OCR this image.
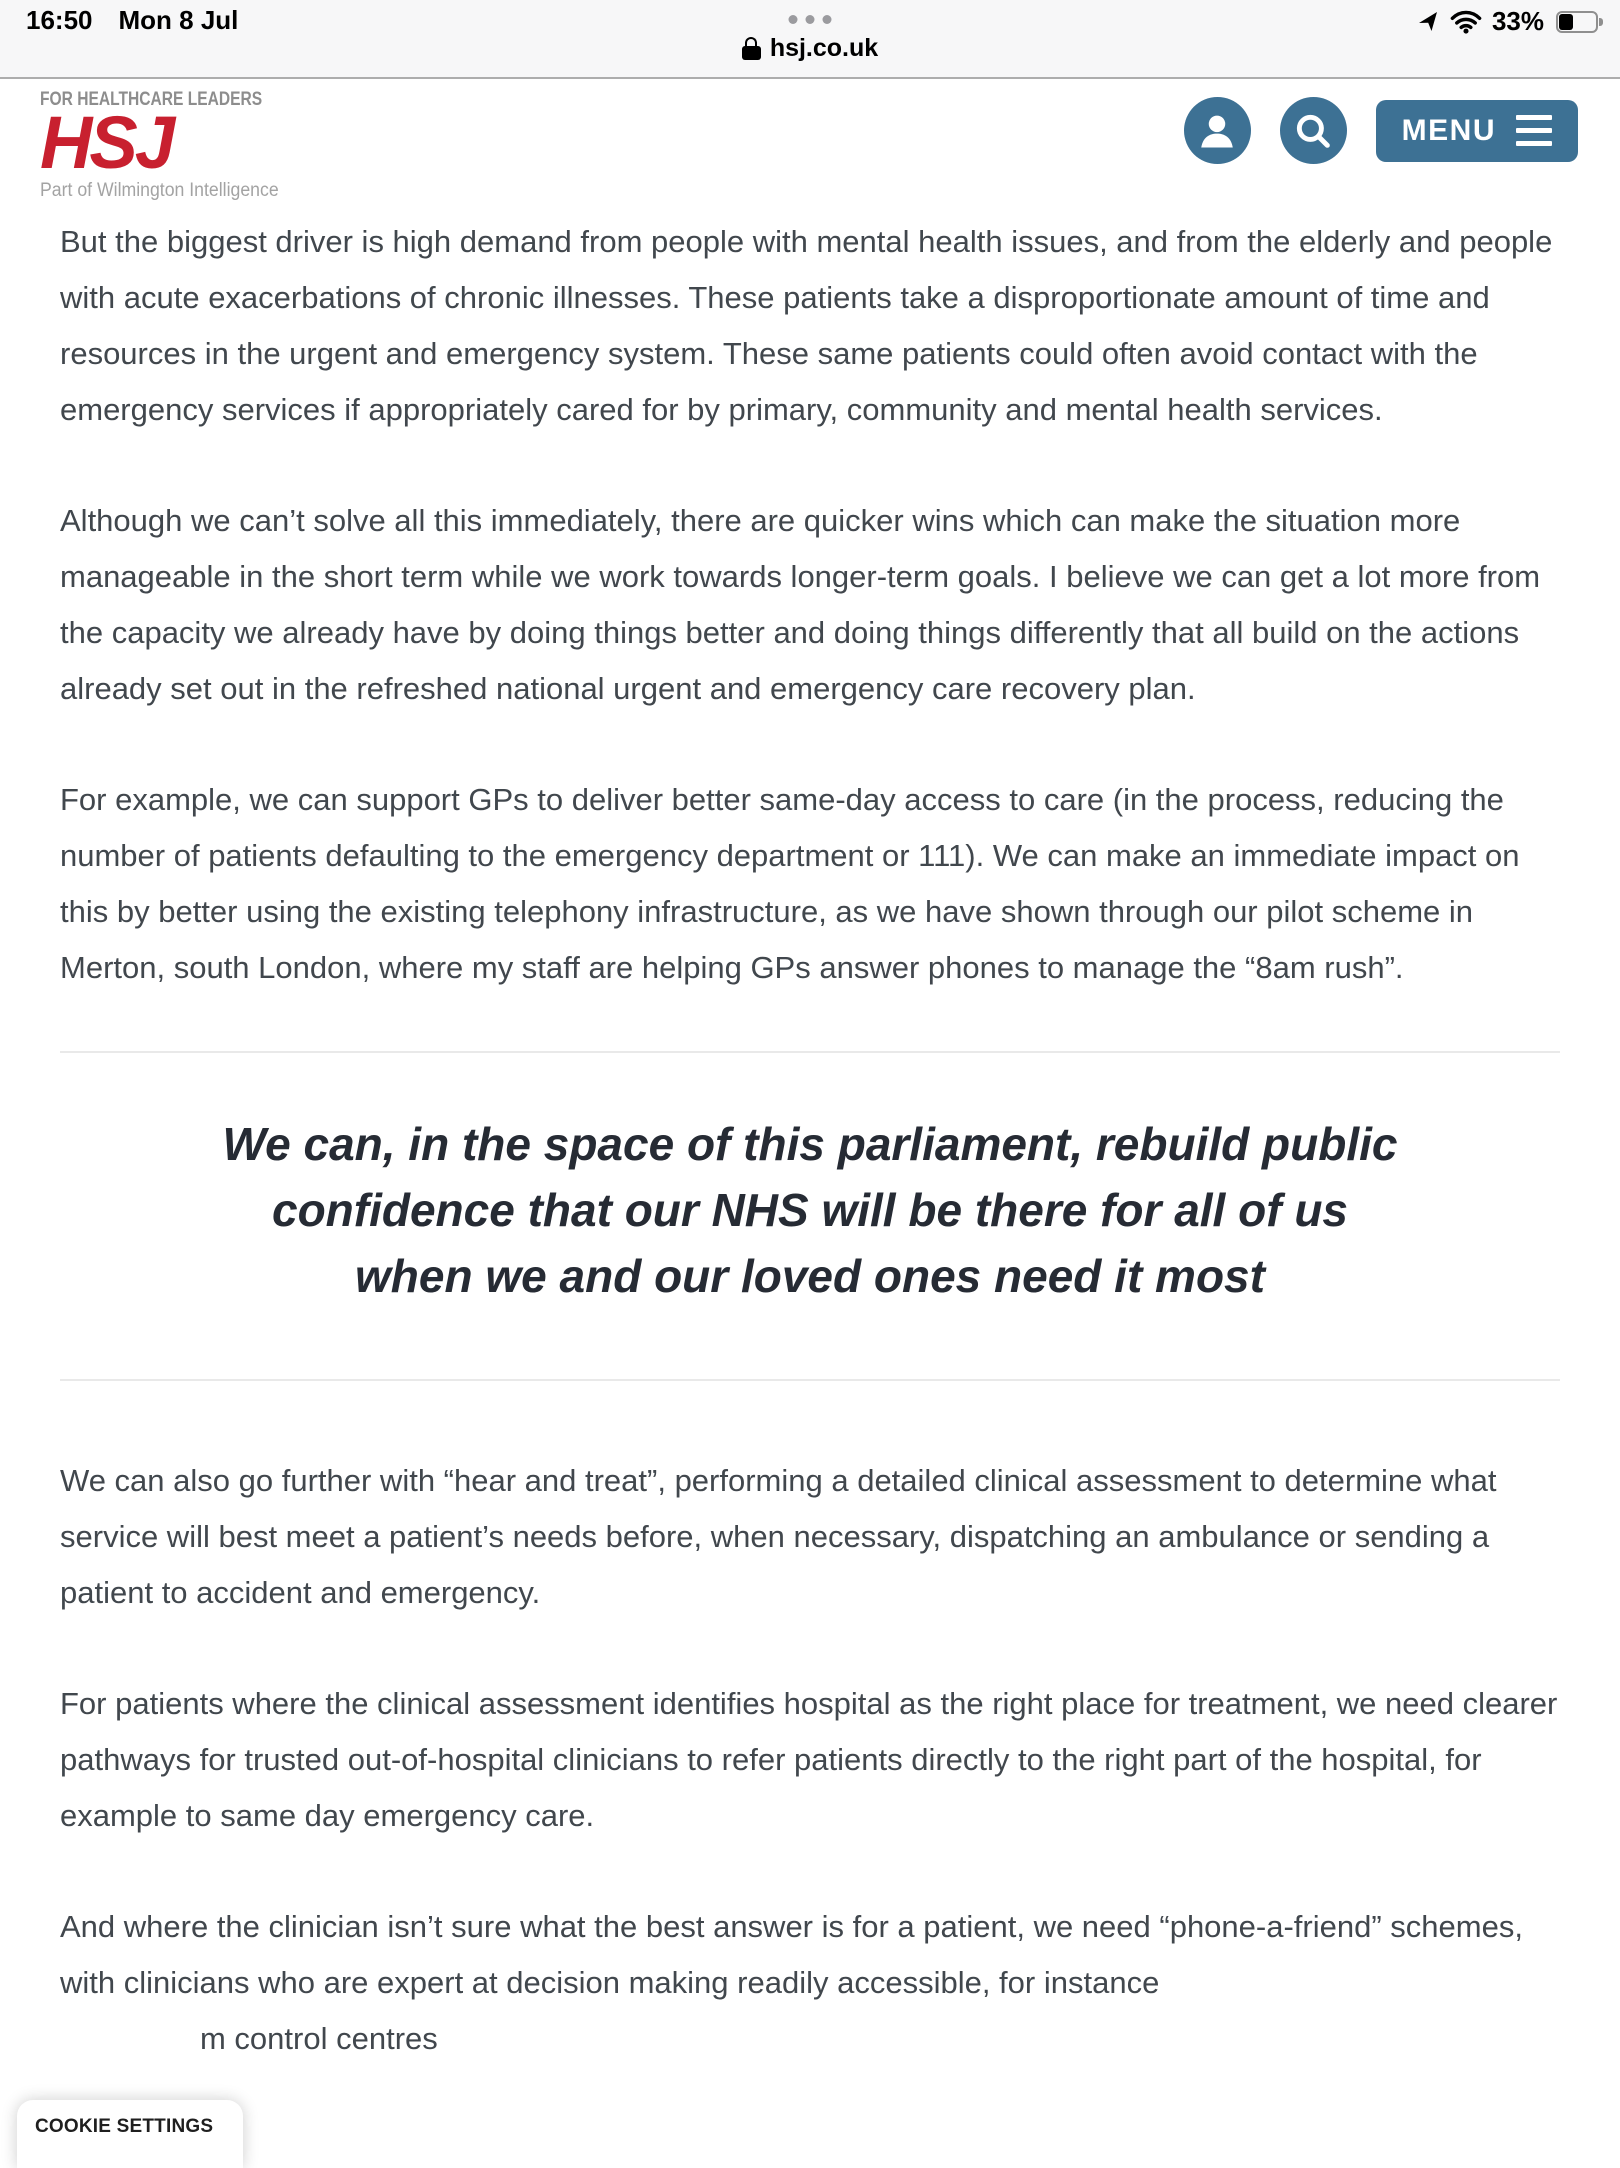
16:50 Mon 8 Jul	33%
hsj.co.uk
FOR HEALTHCARE LEADERS
HSJ
Part of Wilmington Intelligence
MENU

But the biggest driver is high demand from people with mental health issues, and from the elderly and people with acute exacerbations of chronic illnesses. These patients take a disproportionate amount of time and resources in the urgent and emergency system. These same patients could often avoid contact with the emergency services if appropriately cared for by primary, community and mental health services.

Although we can’t solve all this immediately, there are quicker wins which can make the situation more manageable in the short term while we work towards longer-term goals. I believe we can get a lot more from the capacity we already have by doing things better and doing things differently that all build on the actions already set out in the refreshed national urgent and emergency care recovery plan.

For example, we can support GPs to deliver better same-day access to care (in the process, reducing the number of patients defaulting to the emergency department or 111). We can make an immediate impact on this by better using the existing telephony infrastructure, as we have shown through our pilot scheme in Merton, south London, where my staff are helping GPs answer phones to manage the “8am rush”.

We can, in the space of this parliament, rebuild public
confidence that our NHS will be there for all of us
when we and our loved ones need it most

We can also go further with “hear and treat”, performing a detailed clinical assessment to determine what service will best meet a patient’s needs before, when necessary, dispatching an ambulance or sending a patient to accident and emergency.

For patients where the clinical assessment identifies hospital as the right place for treatment, we need clearer pathways for trusted out-of-hospital clinicians to refer patients directly to the right part of the hospital, for example to same day emergency care.

And where the clinician isn’t sure what the best answer is for a patient, we need “phone-a-friend” schemes, with clinicians who are expert at decision making readily accessible, for instance

m control centres
COOKIE SETTINGS
